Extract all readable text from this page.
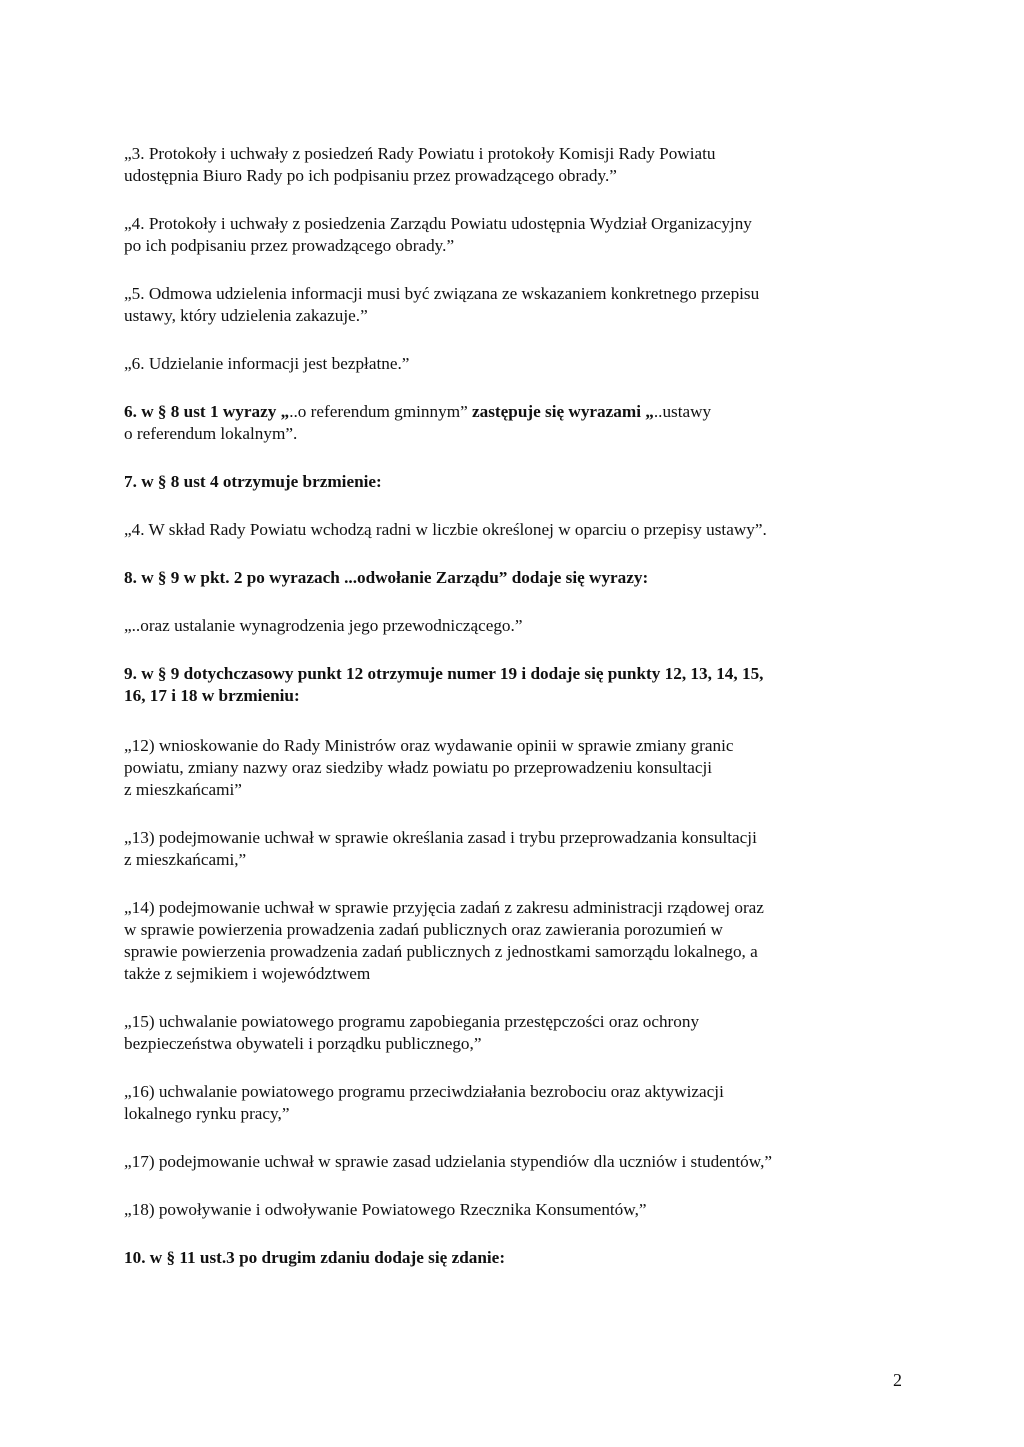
„3. Protokoły i uchwały z posiedzeń Rady Powiatu i protokoły Komisji Rady Powiatu

udostępnia Biuro Rady po ich podpisaniu przez prowadzącego obrady.”

„4. Protokoły i uchwały z posiedzenia Zarządu Powiatu udostępnia Wydział Organizacyjny

po ich podpisaniu przez prowadzącego obrady.”

„5. Odmowa udzielenia informacji musi być związana ze wskazaniem konkretnego przepisu

ustawy, który udzielenia zakazuje.”

„6. Udzielanie informacji jest bezpłatne.”

6. w § 8 ust 1 wyrazy „..o referendum gminnym” zastępuje się wyrazami „..ustawy

o referendum lokalnym”.

7. w § 8 ust 4 otrzymuje brzmienie:

„4. W skład Rady Powiatu wchodzą radni w liczbie określonej w oparciu o przepisy ustawy”.

8. w § 9 w pkt. 2 po wyrazach ...odwołanie Zarządu” dodaje się wyrazy:

„..oraz ustalanie wynagrodzenia jego przewodniczącego.”

9. w § 9 dotychczasowy punkt 12 otrzymuje numer 19 i dodaje się punkty 12, 13, 14, 15,

16, 17 i 18 w brzmieniu:

„12) wnioskowanie do Rady Ministrów oraz wydawanie opinii w sprawie zmiany granic

powiatu, zmiany nazwy oraz siedziby władz powiatu po przeprowadzeniu konsultacji

z mieszkańcami”

„13) podejmowanie uchwał w sprawie określania zasad i trybu przeprowadzania konsultacji

z mieszkańcami,”

„14) podejmowanie uchwał w sprawie przyjęcia zadań z zakresu administracji rządowej oraz

w sprawie powierzenia prowadzenia zadań publicznych oraz zawierania porozumień w

sprawie powierzenia prowadzenia zadań publicznych z jednostkami samorządu lokalnego, a

także z sejmikiem i województwem

„15) uchwalanie powiatowego programu zapobiegania przestępczości oraz ochrony

bezpieczeństwa obywateli i porządku publicznego,”

„16) uchwalanie powiatowego programu przeciwdziałania bezrobociu oraz aktywizacji

lokalnego rynku pracy,”

„17) podejmowanie uchwał w sprawie zasad udzielania stypendiów dla uczniów i studentów,”

„18) powoływanie i odwoływanie Powiatowego Rzecznika Konsumentów,”

10. w § 11 ust.3 po drugim zdaniu dodaje się zdanie:

2
